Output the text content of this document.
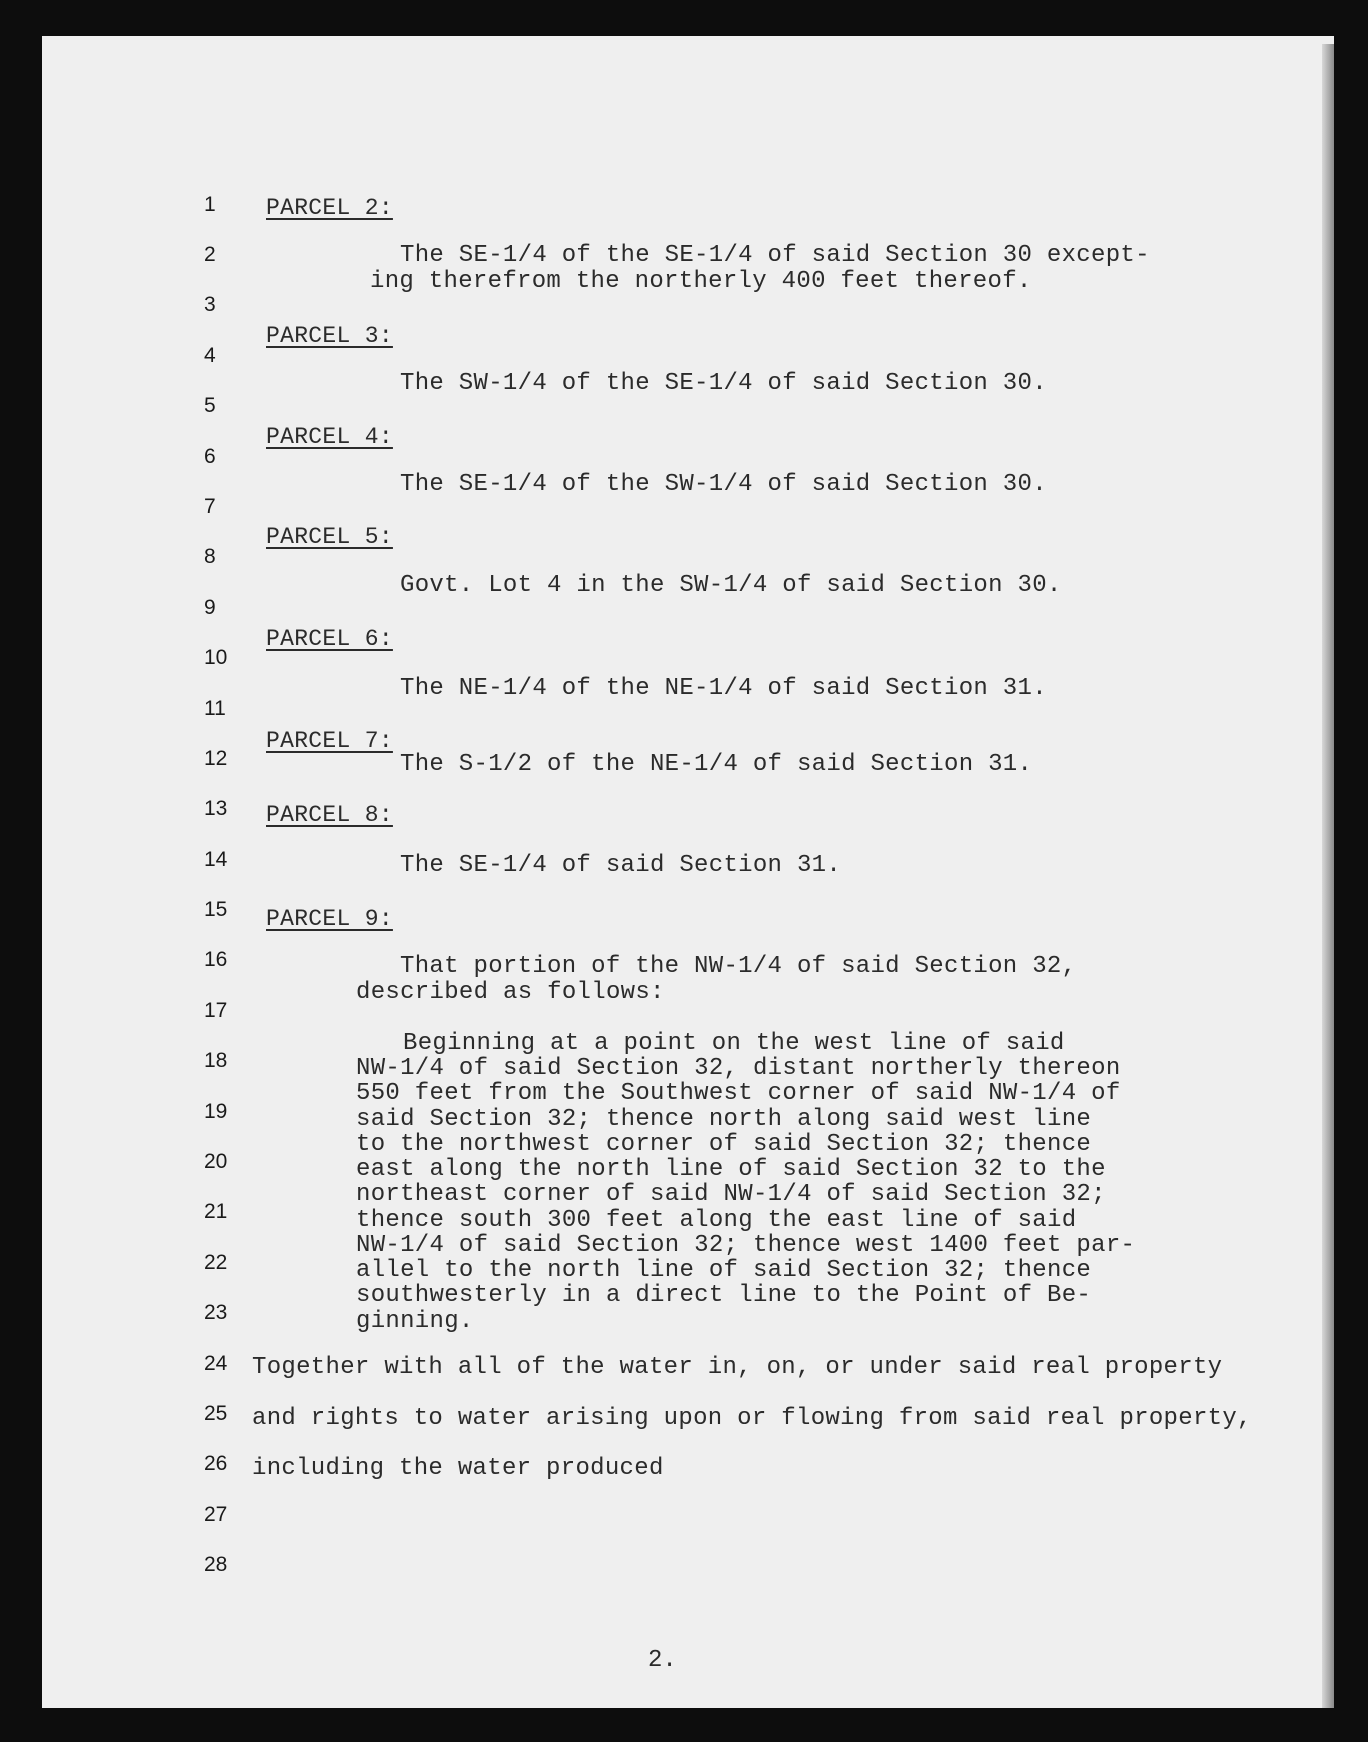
1
2
3
4
5
6
7
8
9
10
11
12
13
14
15
16
17
18
19
20
21
22
23
24
25
26
27
28
PARCEL 2:
The SE-1/4 of the SE-1/4 of said Section 30 except-
ing therefrom the northerly 400 feet thereof.
PARCEL 3:
The SW-1/4 of the SE-1/4 of said Section 30.
PARCEL 4:
The SE-1/4 of the SW-1/4 of said Section 30.
PARCEL 5:
Govt. Lot 4 in the SW-1/4 of said Section 30.
PARCEL 6:
The NE-1/4 of the NE-1/4 of said Section 31.
PARCEL 7:
The S-1/2 of the NE-1/4 of said Section 31.
PARCEL 8:
The SE-1/4 of said Section 31.
PARCEL 9:
That portion of the NW-1/4 of said Section 32,
described as follows:
Beginning at a point on the west line of said
NW-1/4 of said Section 32, distant northerly thereon
550 feet from the Southwest corner of said NW-1/4 of
said Section 32; thence north along said west line
to the northwest corner of said Section 32; thence
east along the north line of said Section 32 to the
northeast corner of said NW-1/4 of said Section 32;
thence south 300 feet along the east line of said
NW-1/4 of said Section 32; thence west 1400 feet par-
allel to the north line of said Section 32; thence
southwesterly in a direct line to the Point of Be-
ginning.
Together with all of the water in, on, or under said real property
and rights to water arising upon or flowing from said real property,
including the water produced
2.
